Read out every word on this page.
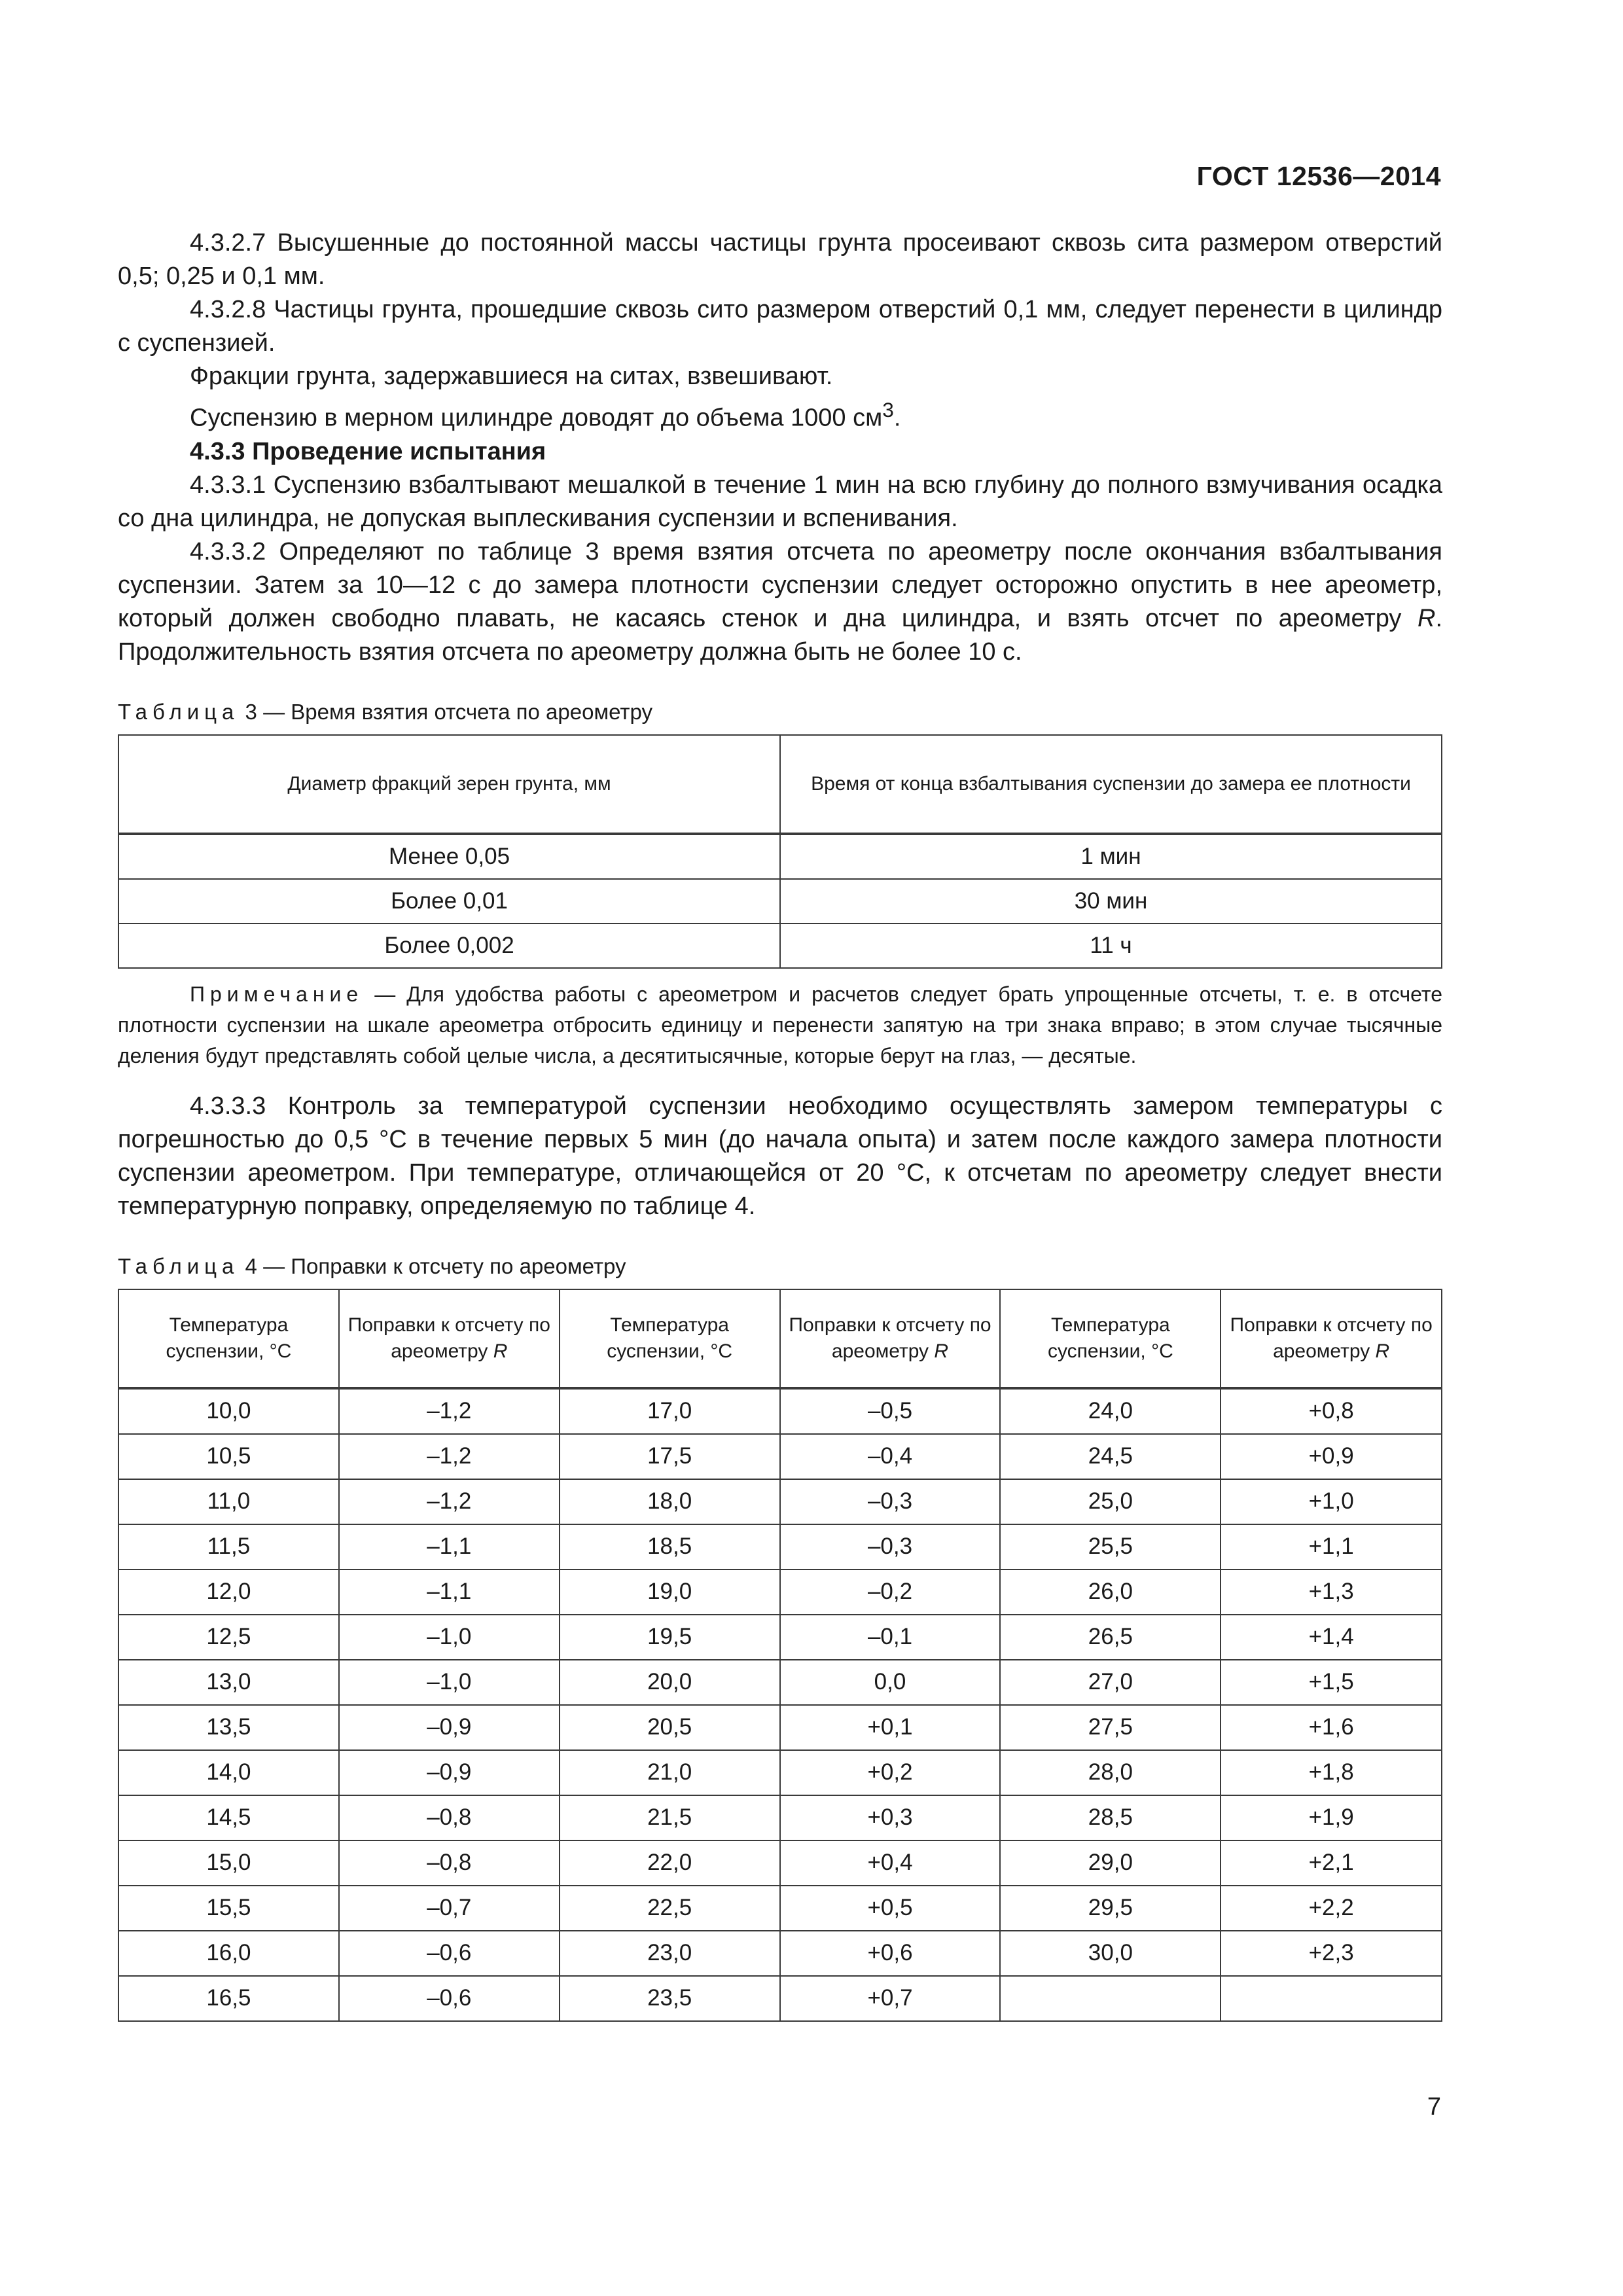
ГОСТ 12536—2014

4.3.2.7 Высушенные до постоянной массы частицы грунта просеивают сквозь сита размером отверстий 0,5; 0,25 и 0,1 мм.

4.3.2.8 Частицы грунта, прошедшие сквозь сито размером отверстий 0,1 мм, следует перенести в цилиндр с суспензией.

Фракции грунта, задержавшиеся на ситах, взвешивают.

Суспензию в мерном цилиндре доводят до объема 1000 $см^3$.

4.3.3 Проведение испытания

4.3.3.1 Суспензию взбалтывают мешалкой в течение 1 мин на всю глубину до полного взмучивания осадка со дна цилиндра, не допуская выплескивания суспензии и вспенивания.

4.3.3.2 Определяют по таблице 3 время взятия отсчета по ареометру после окончания взбалтывания суспензии. Затем за 10—12 с до замера плотности суспензии следует осторожно опустить в нее ареометр, который должен свободно плавать, не касаясь стенок и дна цилиндра, и взять отсчет по ареометру R. Продолжительность взятия отсчета по ареометру должна быть не более 10 с.

Таблица 3 — Время взятия отсчета по ареометру

Диаметр фракций зерен грунта, мм	Время от конца взбалтывания суспензии до замера ее плотности
Менее 0,05	1 мин
Более 0,01	30 мин
Более 0,002	11 ч

Примечание — Для удобства работы с ареометром и расчетов следует брать упрощенные отсчеты, т. е. в отсчете плотности суспензии на шкале ареометра отбросить единицу и перенести запятую на три знака вправо; в этом случае тысячные деления будут представлять собой целые числа, а десятитысячные, которые берут на глаз, — десятые.

4.3.3.3 Контроль за температурой суспензии необходимо осуществлять замером температуры с погрешностью до 0,5 °С в течение первых 5 мин (до начала опыта) и затем после каждого замера плотности суспензии ареометром. При температуре, отличающейся от 20 °С, к отсчетам по ареометру следует внести температурную поправку, определяемую по таблице 4.

Таблица 4 — Поправки к отсчету по ареометру

Температура суспензии, °С	Поправки к отсчету по ареометру R	Температура суспензии, °С	Поправки к отсчету по ареометру R	Температура суспензии, °С	Поправки к отсчету по ареометру R
10,0	–1,2	17,0	–0,5	24,0	+0,8
10,5	–1,2	17,5	–0,4	24,5	+0,9
11,0	–1,2	18,0	–0,3	25,0	+1,0
11,5	–1,1	18,5	–0,3	25,5	+1,1
12,0	–1,1	19,0	–0,2	26,0	+1,3
12,5	–1,0	19,5	–0,1	26,5	+1,4
13,0	–1,0	20,0	0,0	27,0	+1,5
13,5	–0,9	20,5	+0,1	27,5	+1,6
14,0	–0,9	21,0	+0,2	28,0	+1,8
14,5	–0,8	21,5	+0,3	28,5	+1,9
15,0	–0,8	22,0	+0,4	29,0	+2,1
15,5	–0,7	22,5	+0,5	29,5	+2,2
16,0	–0,6	23,0	+0,6	30,0	+2,3
16,5	–0,6	23,5	+0,7		
7
